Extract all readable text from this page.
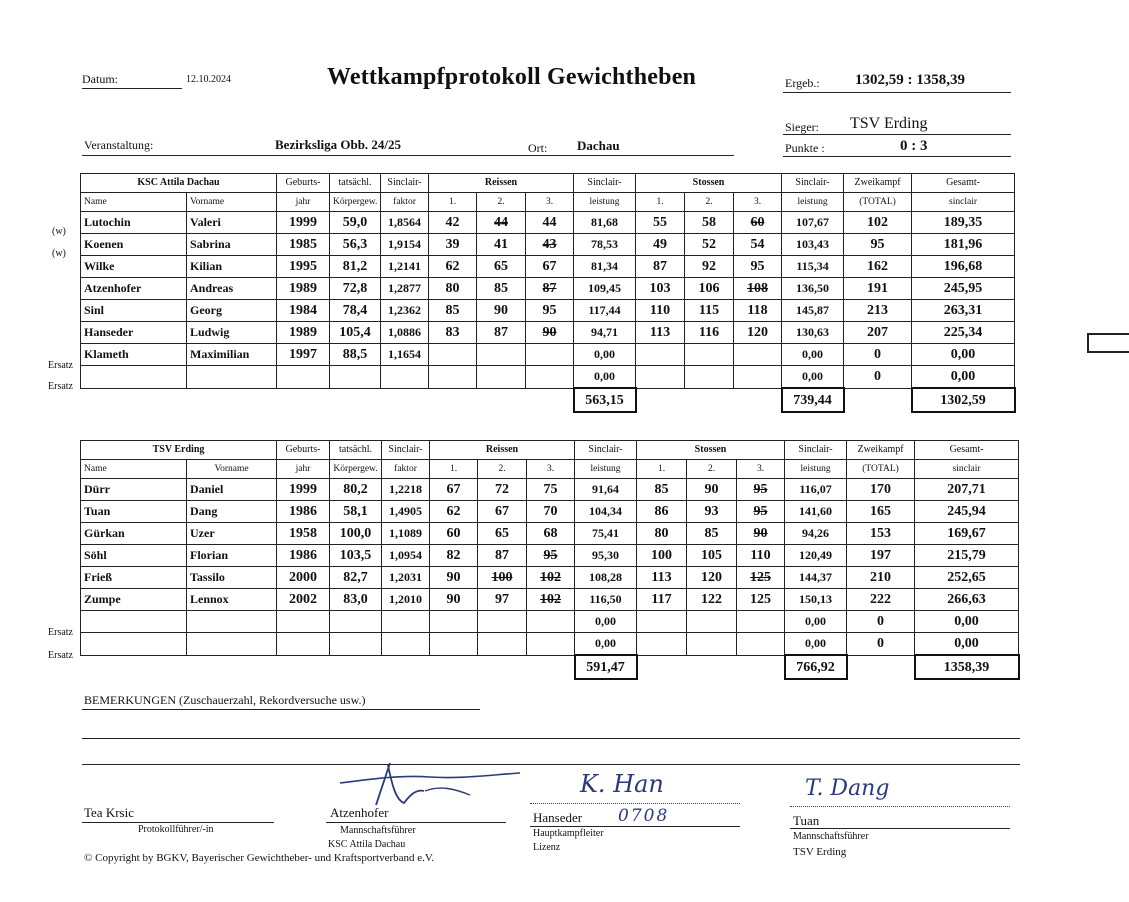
Datum:	12.10.2024	Wettkampfprotokoll Gewichtheben	Ergeb.: 1302,59 : 1358,39
Sieger: TSV Erding
Veranstaltung:	Bezirksliga Obb. 24/25	Ort: Dachau	Punkte :	0 : 3
(w)
(w)
Ersatz
Ersatz
KSC Attila Dachau		Geburts-	tatsächl.	Sinclair-	Reissen			Sinclair-	Stossen			Sinclair-	Zweikampf	Gesamt-
Name	Vorname	jahr	Körpergew.	faktor	1.	2.	3.	leistung	1.	2.	3.	leistung	(TOTAL)	sinclair
Lutochin	Valeri	1999	59,0	1,8564	42	44	44	81,68	55	58	60	107,67	102	189,35
Koenen	Sabrina	1985	56,3	1,9154	39	41	43	78,53	49	52	54	103,43	95	181,96
Wilke	Kilian	1995	81,2	1,2141	62	65	67	81,34	87	92	95	115,34	162	196,68
Atzenhofer	Andreas	1989	72,8	1,2877	80	85	87	109,45	103	106	108	136,50	191	245,95
Sinl	Georg	1984	78,4	1,2362	85	90	95	117,44	110	115	118	145,87	213	263,31
Hanseder	Ludwig	1989	105,4	1,0886	83	87	90	94,71	113	116	120	130,63	207	225,34
Klameth	Maximilian	1997	88,5	1,1654				0,00				0,00	0	0,00
								0,00				0,00	0	0,00
								563,15				739,44		1302,59
Ersatz
Ersatz
TSV Erding		Geburts-	tatsächl.	Sinclair-	Reissen			Sinclair-	Stossen			Sinclair-	Zweikampf	Gesamt-
Name	Vorname	jahr	Körpergew.	faktor	1.	2.	3.	leistung	1.	2.	3.	leistung	(TOTAL)	sinclair
Dürr	Daniel	1999	80,2	1,2218	67	72	75	91,64	85	90	95	116,07	170	207,71
Tuan	Dang	1986	58,1	1,4905	62	67	70	104,34	86	93	95	141,60	165	245,94
Gürkan	Uzer	1958	100,0	1,1089	60	65	68	75,41	80	85	90	94,26	153	169,67
Söhl	Florian	1986	103,5	1,0954	82	87	95	95,30	100	105	110	120,49	197	215,79
Frieß	Tassilo	2000	82,7	1,2031	90	100	102	108,28	113	120	125	144,37	210	252,65
Zumpe	Lennox	2002	83,0	1,2010	90	97	102	116,50	117	122	125	150,13	222	266,63
								0,00				0,00	0	0,00
								0,00				0,00	0	0,00
								591,47				766,92		1358,39
BEMERKUNGEN (Zuschauerzahl, Rekordversuche usw.)
Tea Krsic
Protokollführer/-in
Atzenhofer
Mannschaftsführer
KSC Attila Dachau
K. Han
Hanseder 0708
Hauptkampfleiter
Lizenz
T. Dang
Tuan
Mannschaftsführer
TSV Erding
© Copyright by BGKV, Bayerischer Gewichtheber- und Kraftsportverband e.V.
